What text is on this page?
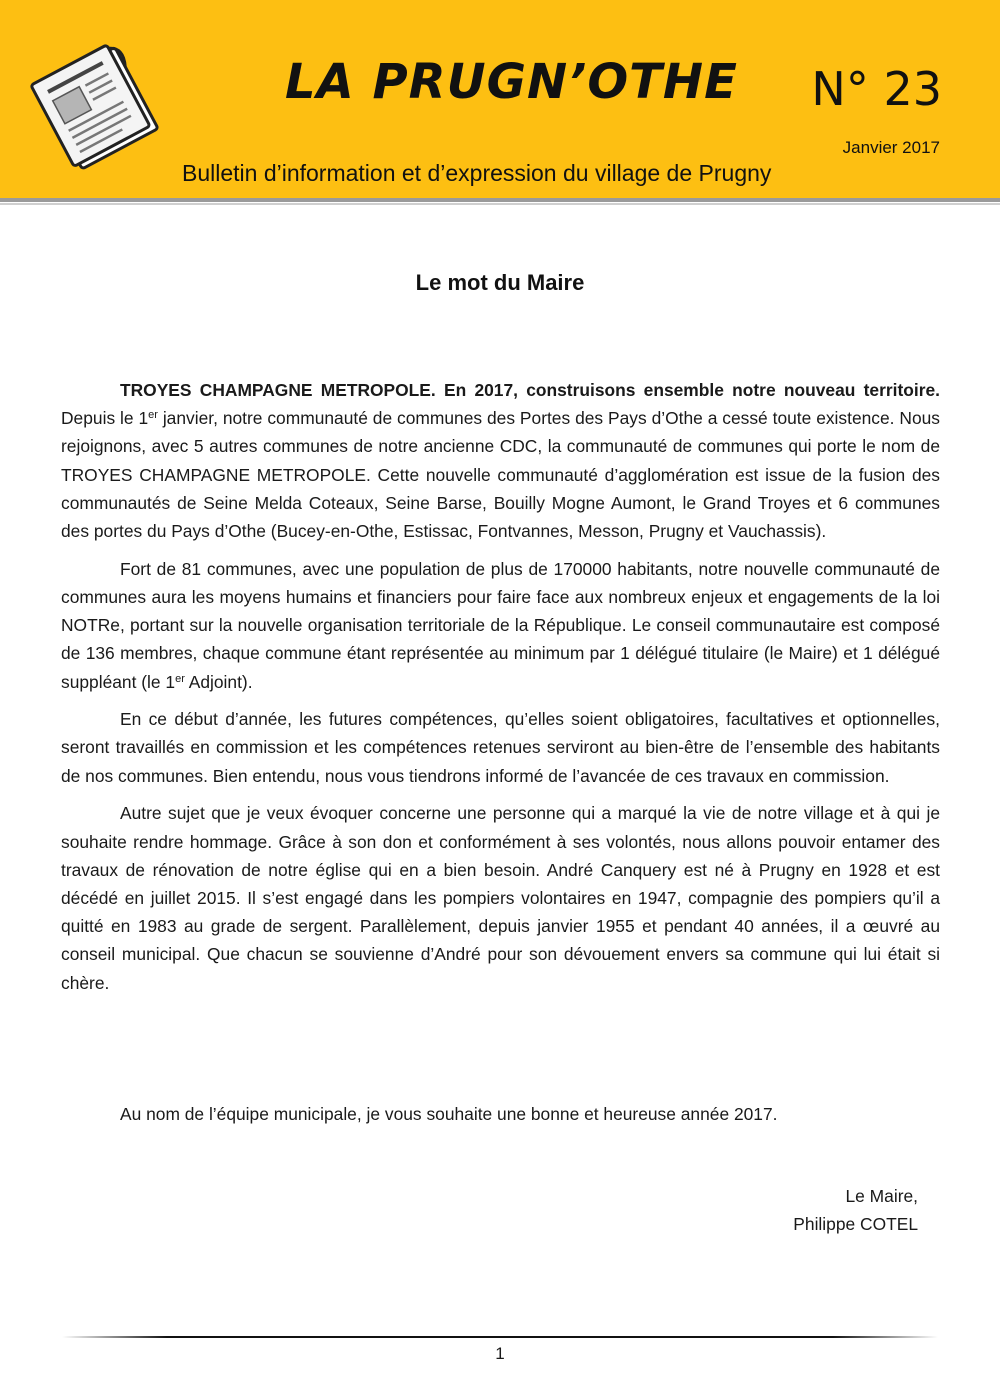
LA PRUGN’OTHE N° 23
Janvier 2017
Bulletin d’information et d’expression du village de Prugny
Le mot du Maire

TROYES CHAMPAGNE METROPOLE. En 2017, construisons ensemble notre nouveau territoire. Depuis le 1er janvier, notre communauté de communes des Portes des Pays d’Othe a cessé toute existence. Nous rejoignons, avec 5 autres communes de notre ancienne CDC, la communauté de communes qui porte le nom de TROYES CHAMPAGNE METROPOLE. Cette nouvelle communauté d’agglomération est issue de la fusion des communautés de Seine Melda Coteaux, Seine Barse, Bouilly Mogne Aumont, le Grand Troyes et 6 communes des portes du Pays d’Othe (Bucey-en-Othe, Estissac, Fontvannes, Messon, Prugny et Vauchassis).

Fort de 81 communes, avec une population de plus de 170000 habitants, notre nouvelle communauté de communes aura les moyens humains et financiers pour faire face aux nombreux enjeux et engagements de la loi NOTRe, portant sur la nouvelle organisation territoriale de la République. Le conseil communautaire est composé de 136 membres, chaque commune étant représentée au minimum par 1 délégué titulaire (le Maire) et 1 délégué suppléant (le 1er Adjoint).

En ce début d’année, les futures compétences, qu’elles soient obligatoires, facultatives et optionnelles, seront travaillés en commission et les compétences retenues serviront au bien-être de l’ensemble des habitants de nos communes. Bien entendu, nous vous tiendrons informé de l’avancée de ces travaux en commission.

Autre sujet que je veux évoquer concerne une personne qui a marqué la vie de notre village et à qui je souhaite rendre hommage. Grâce à son don et conformément à ses volontés, nous allons pouvoir entamer des travaux de rénovation de notre église qui en a bien besoin. André Canquery est né à Prugny en 1928 et est décédé en juillet 2015. Il s’est engagé dans les pompiers volontaires en 1947, compagnie des pompiers qu’il a quitté en 1983 au grade de sergent. Parallèlement, depuis janvier 1955 et pendant 40 années, il a œuvré au conseil municipal. Que chacun se souvienne d’André pour son dévouement envers sa commune qui lui était si chère.

Au nom de l’équipe municipale, je vous souhaite une bonne et heureuse année 2017.
Le Maire,
Philippe COTEL
1
